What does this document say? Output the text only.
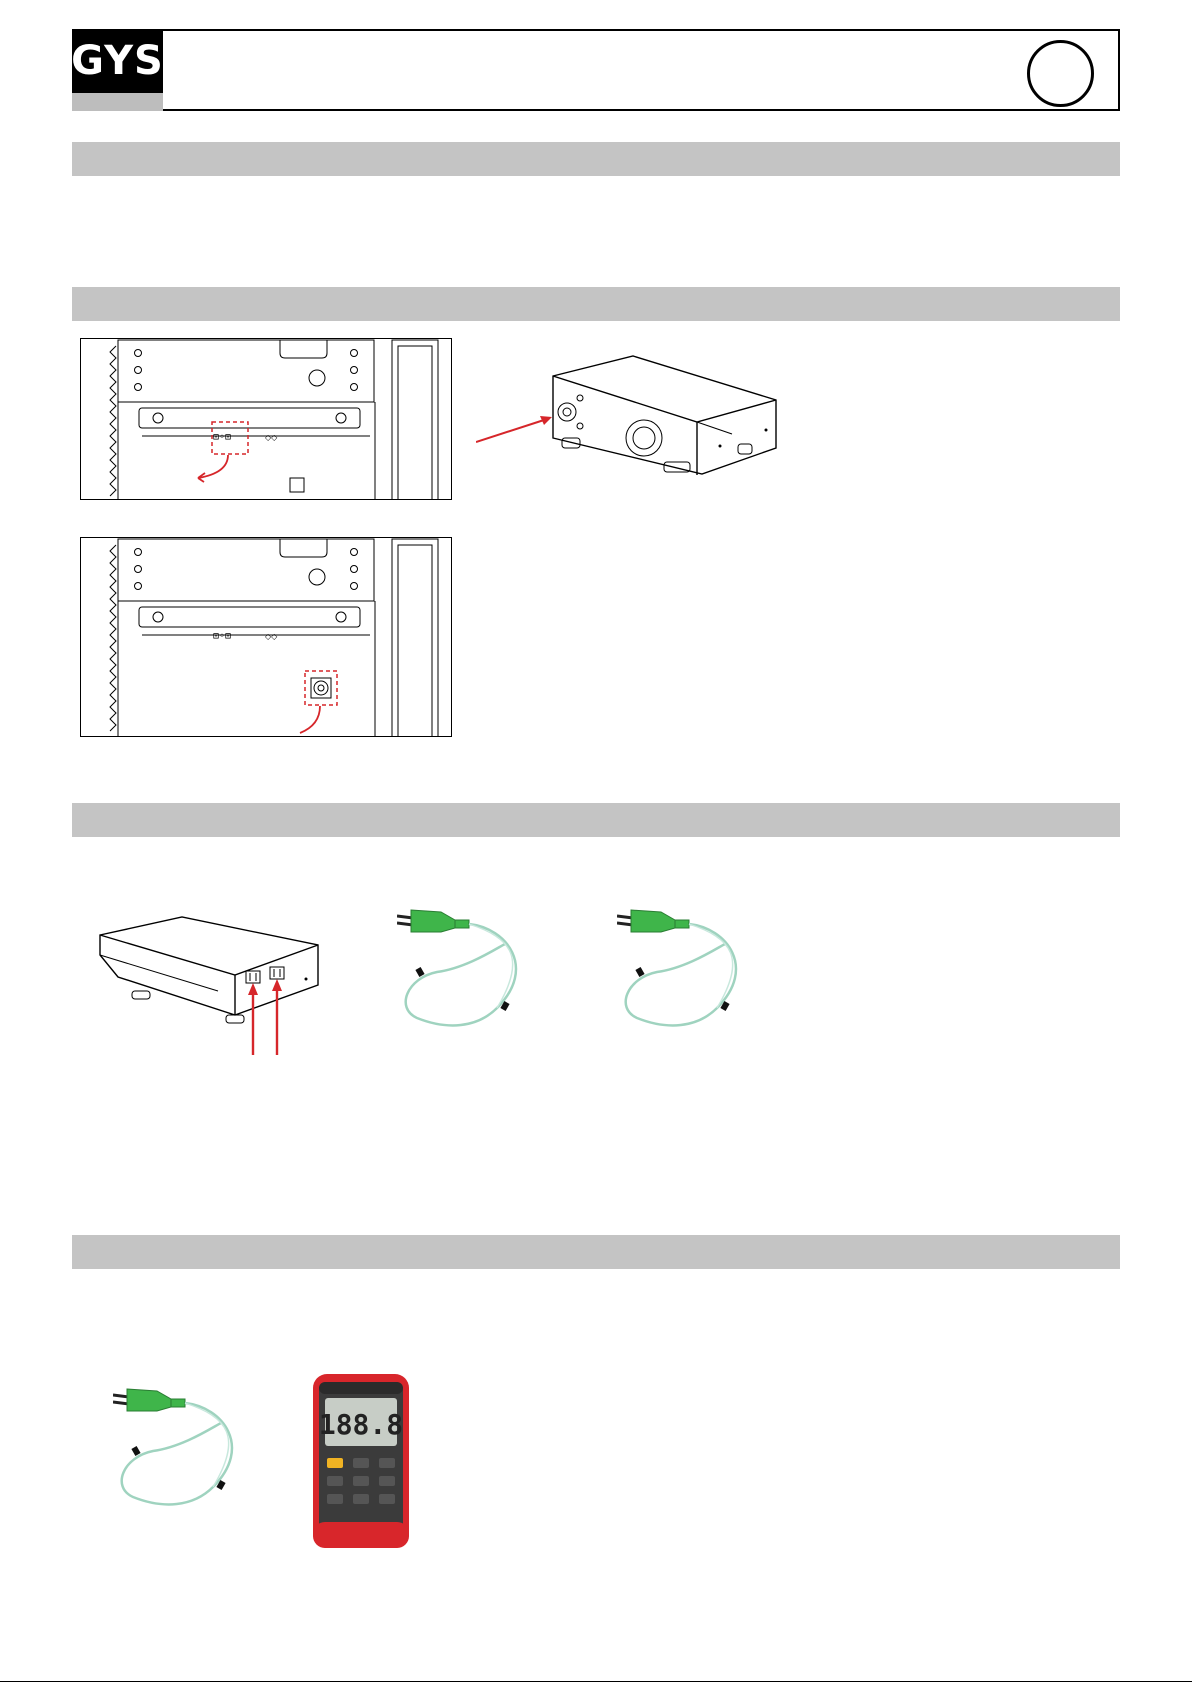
GYS
⊡◦⊡	◇◇
⊡◦⊡	◇◇
188.8
